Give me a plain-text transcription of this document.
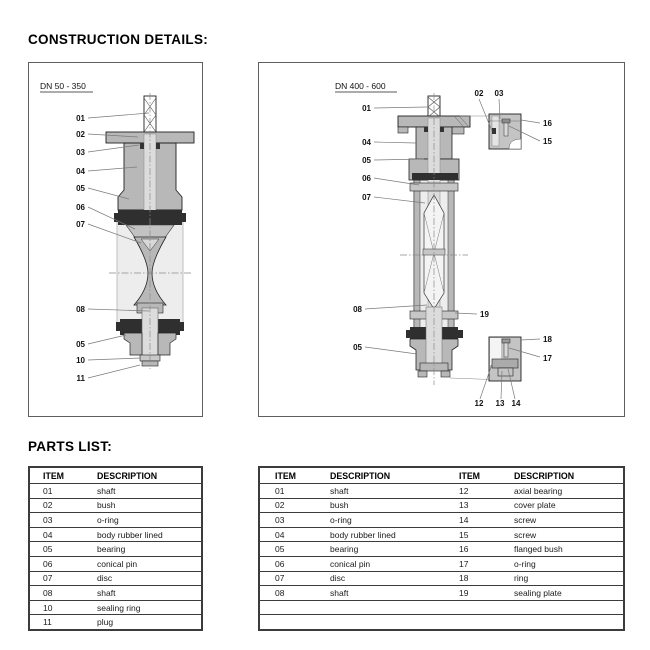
CONSTRUCTION DETAILS:
DN 50 - 350
01
02
03
04
05
06
07
08
05
10
11
DN 400 - 600
01
04
05
06
07
02 03
16
15
08
19
05
18
17
12 13 14
PARTS LIST:
ITEM	DESCRIPTION
01	shaft
02	bush
03	o-ring
04	body rubber lined
05	bearing
06	conical pin
07	disc
08	shaft
10	sealing ring
11	plug
ITEM	DESCRIPTION	ITEM	DESCRIPTION
01	shaft	12	axial bearing
02	bush	13	cover plate
03	o-ring	14	screw
04	body rubber lined	15	screw
05	bearing	16	flanged bush
06	conical pin	17	o-ring
07	disc	18	ring
08	shaft	19	sealing plate
